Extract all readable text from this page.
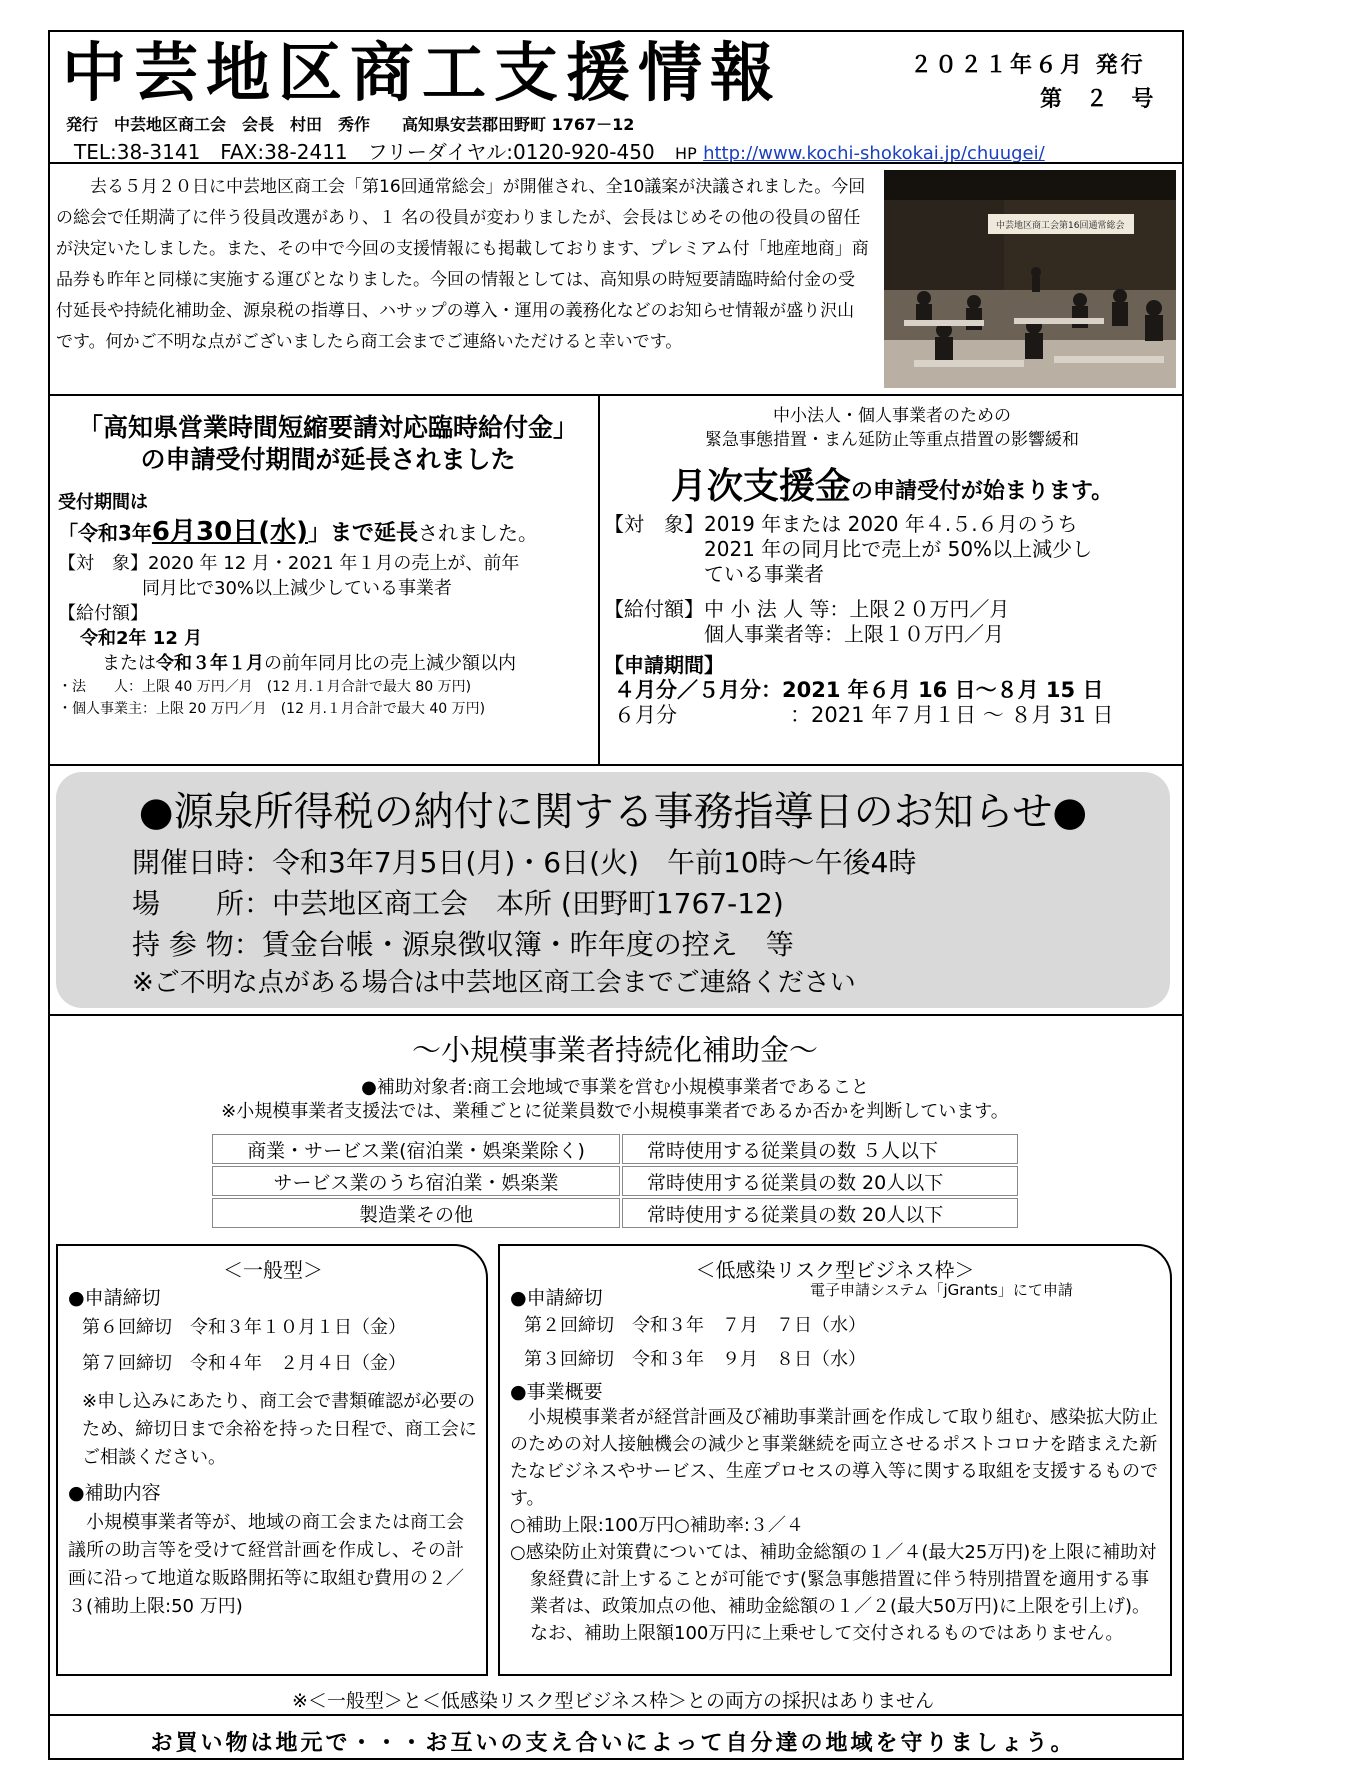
中芸地区商工支援情報	２０２１年６月 発行
第 ２ 号
発行　中芸地区商工会　会長　村田　秀作　　高知県安芸郡田野町 1767－12
TEL:38-3141　FAX:38-2411　フリーダイヤル:0120-920-450 HP http://www.kochi-shokokai.jp/chuugei/
去る５月２０日に中芸地区商工会「第16回通常総会」が開催され、全10議案が決議されました。今回の総会で任期満了に伴う役員改選があり、１ 名の役員が変わりましたが、会長はじめその他の役員の留任が決定いたしました。また、その中で今回の支援情報にも掲載しております、プレミアム付「地産地商」商品券も昨年と同様に実施する運びとなりました。今回の情報としては、高知県の時短要請臨時給付金の受付延長や持続化補助金、源泉税の指導日、ハサップの導入・運用の義務化などのお知らせ情報が盛り沢山です。何かご不明な点がございましたら商工会までご連絡いただけると幸いです。
中芸地区商工会第16回通常総会
「高知県営業時間短縮要請対応臨時給付金」
の申請受付期間が延長されました
受付期間は
「令和3年6月30日(水)」まで延長されました。
【対　象】2020 年 12 月・2021 年１月の売上が、前年
同月比で30%以上減少している事業者
【給付額】
令和2年 12 月
または令和３年１月の前年同月比の売上減少額以内
・法　　人：上限 40 万円／月　(12 月.１月合計で最大 80 万円)
・個人事業主：上限 20 万円／月　(12 月.１月合計で最大 40 万円)
中小法人・個人事業者のための
緊急事態措置・まん延防止等重点措置の影響緩和
月次支援金の申請受付が始まります。
【対　象】2019 年または 2020 年４.５.６月のうち
2021 年の同月比で売上が 50%以上減少し
ている事業者
【給付額】中 小 法 人 等：上限２０万円／月
個人事業者等：上限１０万円／月
【申請期間】
４月分／５月分：2021 年６月 16 日～８月 15 日
６月分	：2021 年７月１日 ～ ８月 31 日
●源泉所得税の納付に関する事務指導日のお知らせ●
開催日時：令和3年7月5日(月)・6日(火)　午前10時～午後4時
場　　所：中芸地区商工会　本所 (田野町1767-12)
持 参 物：賃金台帳・源泉徴収簿・昨年度の控え　等
※ご不明な点がある場合は中芸地区商工会までご連絡ください
～小規模事業者持続化補助金～
●補助対象者:商工会地域で事業を営む小規模事業者であること
※小規模事業者支援法では、業種ごとに従業員数で小規模事業者であるか否かを判断しています。
商業・サービス業(宿泊業・娯楽業除く)	常時使用する従業員の数 ５人以下
サービス業のうち宿泊業・娯楽業	常時使用する従業員の数 20人以下
製造業その他	常時使用する従業員の数 20人以下
＜一般型＞
●申請締切
第６回締切　令和３年１０月１日（金）
第７回締切　令和４年　２月４日（金）
※申し込みにあたり、商工会で書類確認が必要のため、締切日まで余裕を持った日程で、商工会にご相談ください。
●補助内容
小規模事業者等が、地域の商工会または商工会議所の助言等を受けて経営計画を作成し、その計画に沿って地道な販路開拓等に取組む費用の２／３(補助上限:50 万円)
＜低感染リスク型ビジネス枠＞
●申請締切	電子申請システム「jGrants」にて申請
第２回締切　令和３年　７月　７日（水）
第３回締切　令和３年　９月　８日（水）
●事業概要
小規模事業者が経営計画及び補助事業計画を作成して取り組む、感染拡大防止のための対人接触機会の減少と事業継続を両立させるポストコロナを踏まえた新たなビジネスやサービス、生産プロセスの導入等に関する取組を支援するものです。
○補助上限:100万円○補助率:３／４
○感染防止対策費については、補助金総額の１／４(最大25万円)を上限に補助対象経費に計上することが可能です(緊急事態措置に伴う特別措置を適用する事業者は、政策加点の他、補助金総額の１／２(最大50万円)に上限を引上げ)。なお、補助上限額100万円に上乗せして交付されるものではありません。
※＜一般型＞と＜低感染リスク型ビジネス枠＞との両方の採択はありません
お買い物は地元で・・・お互いの支え合いによって自分達の地域を守りましょう。
